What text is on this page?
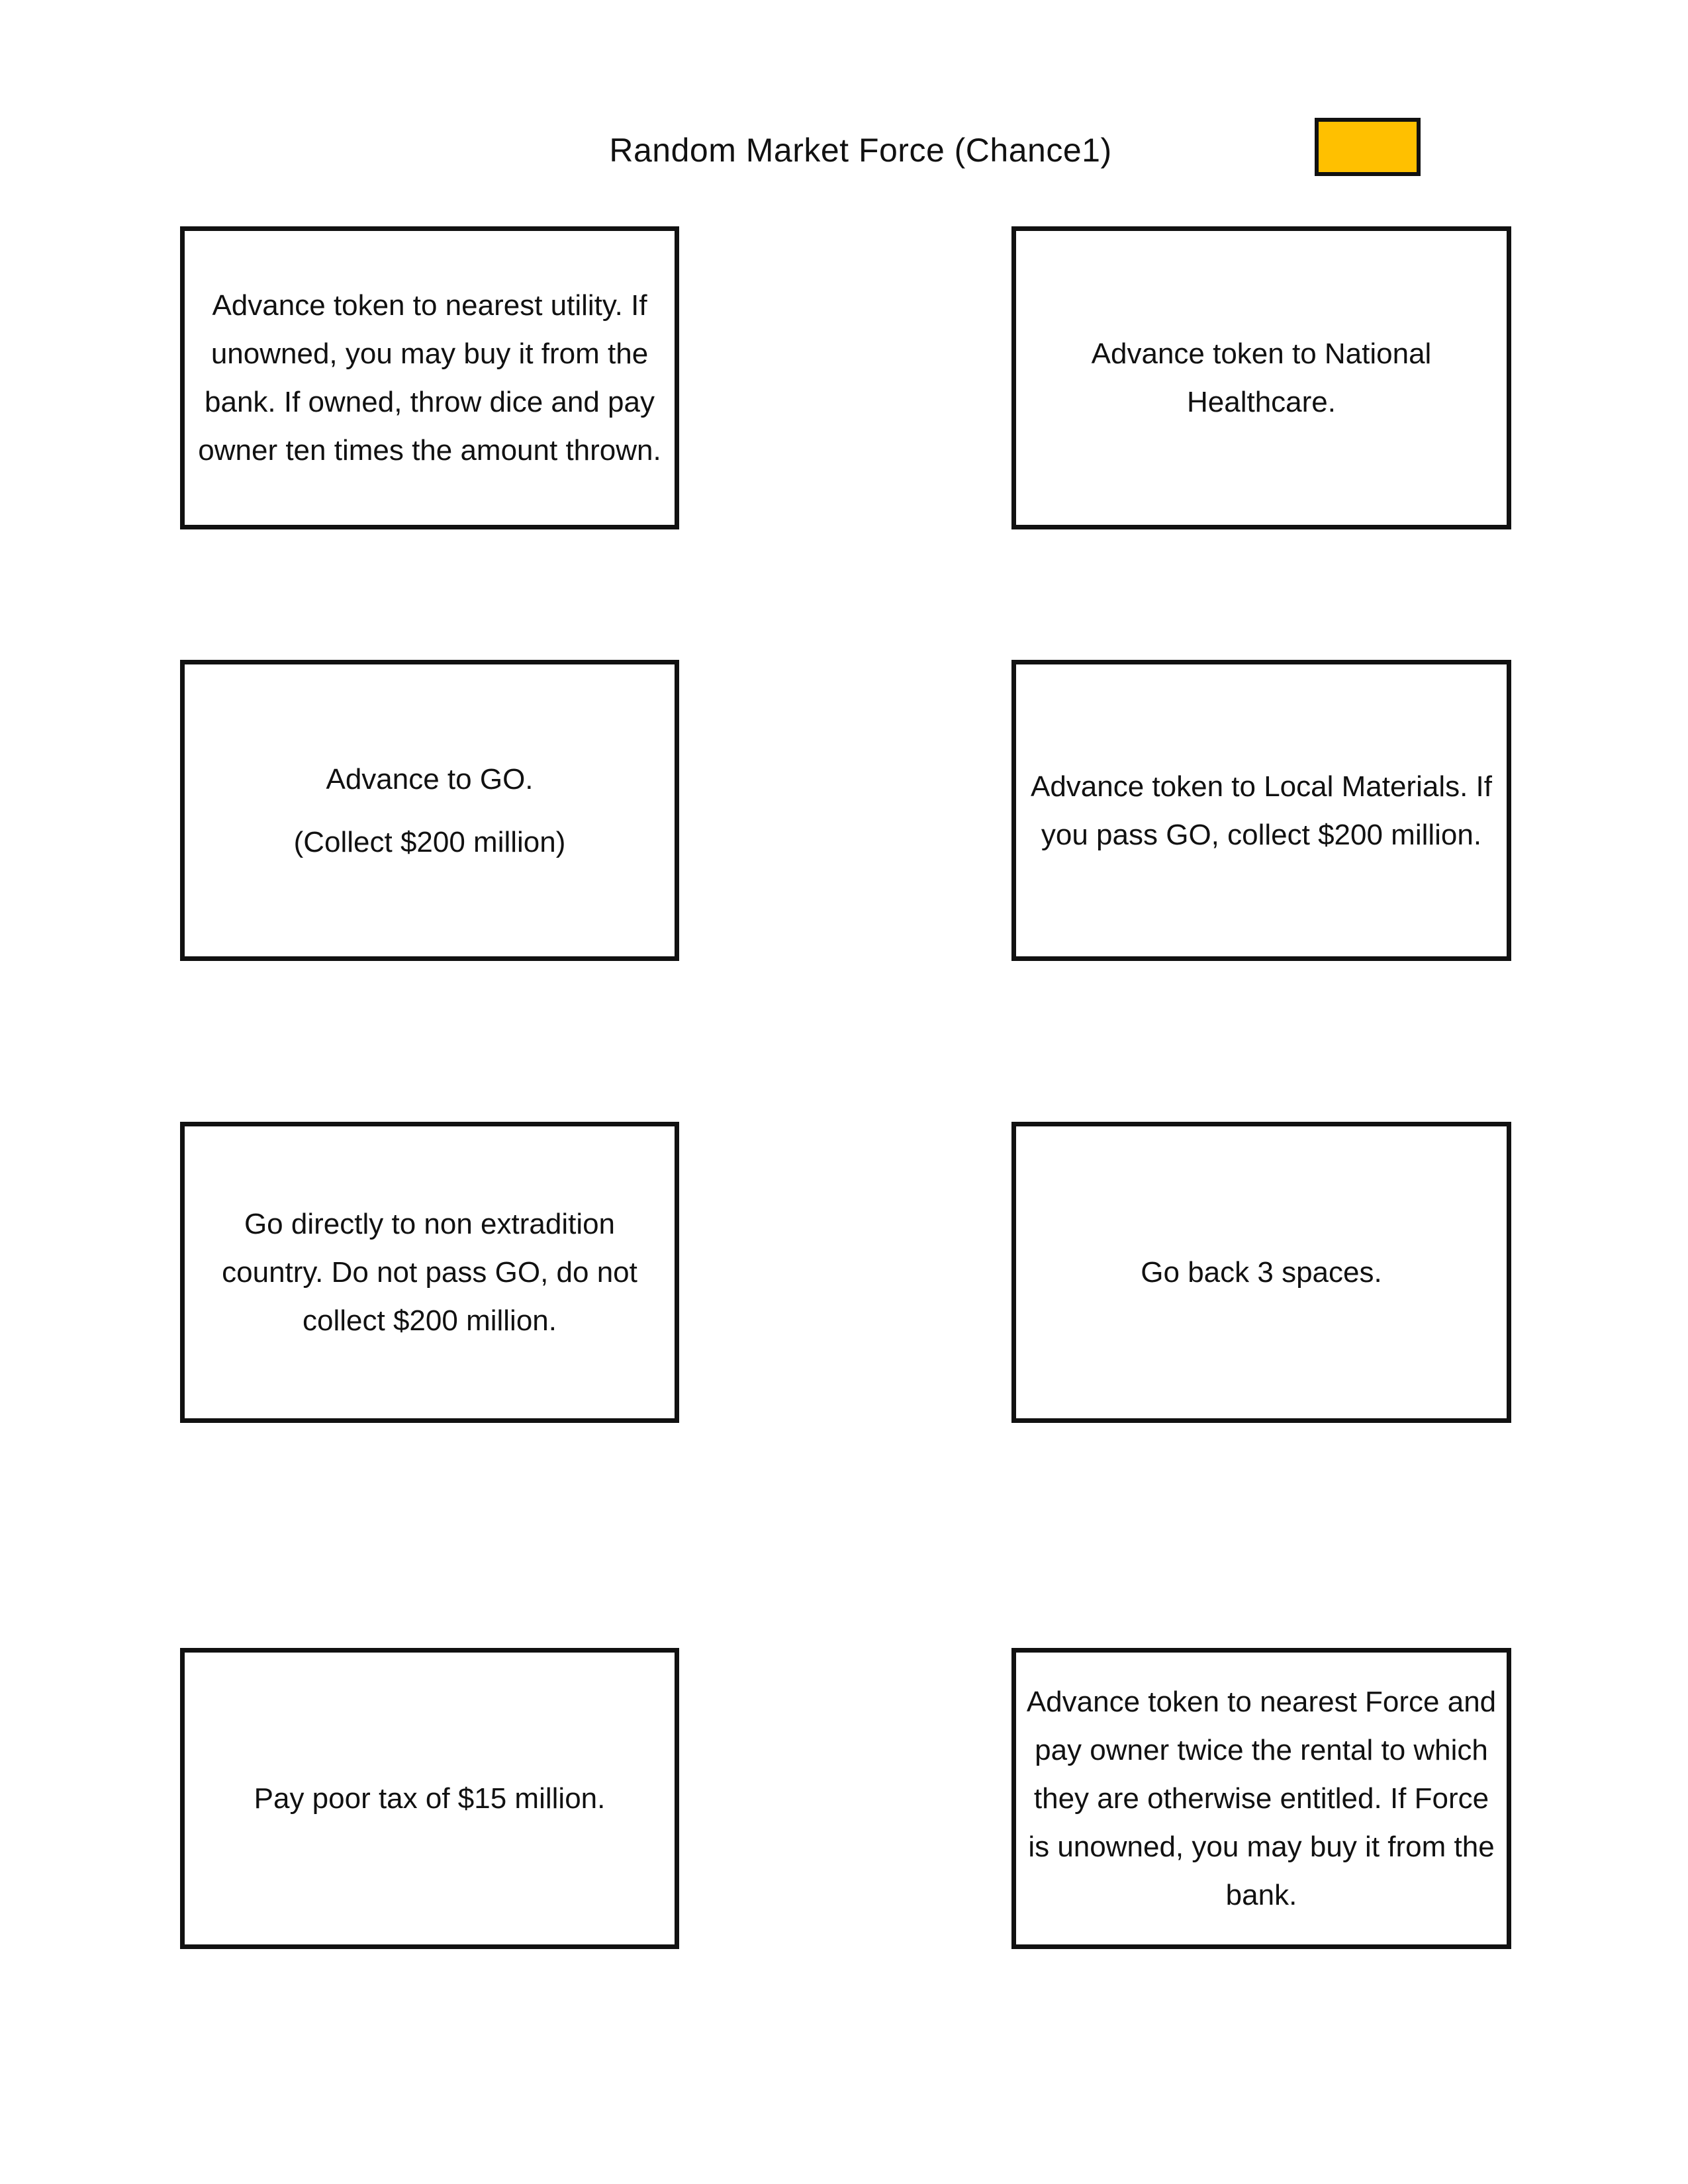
Random Market Force (Chance1)

Advance token to nearest utility. If unowned, you may buy it from the bank. If owned, throw dice and pay owner ten times the amount thrown.

Advance token to National Healthcare.

Advance to GO.

(Collect $200 million)

Advance token to Local Materials. If you pass GO, collect $200 million.

Go directly to non extradition country. Do not pass GO, do not collect $200 million.

Go back 3 spaces.

Pay poor tax of $15 million.

Advance token to nearest Force and pay owner twice the rental to which they are otherwise entitled. If Force is unowned, you may buy it from the bank.
